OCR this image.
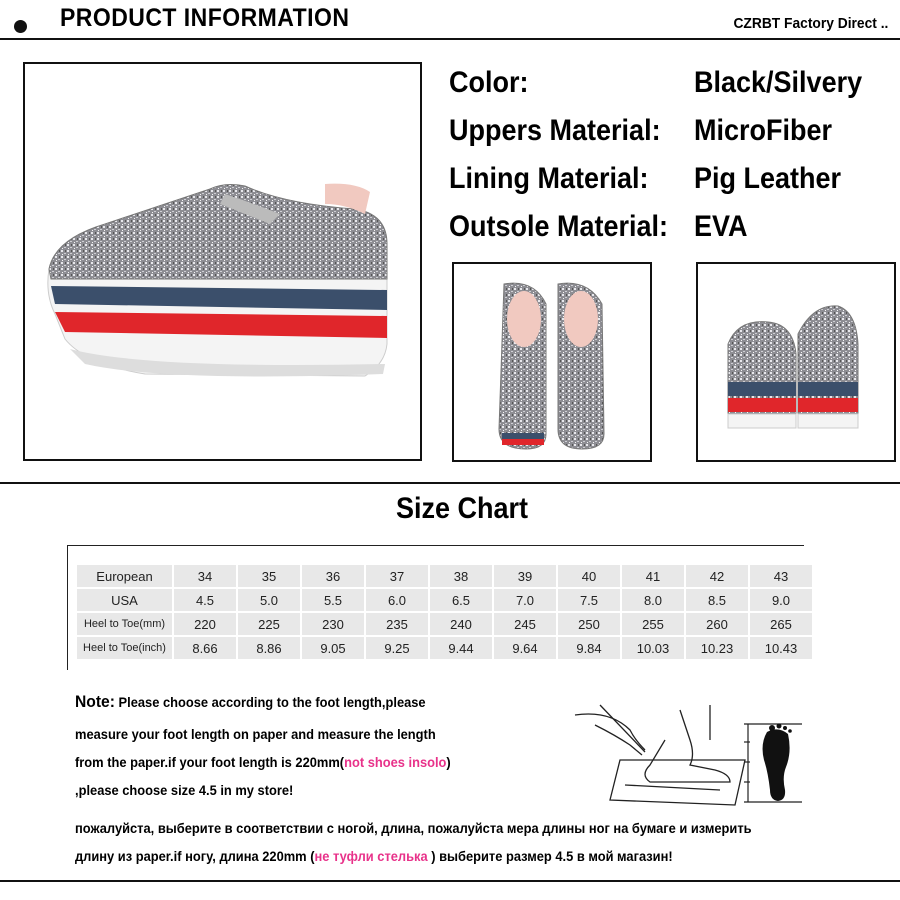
PRODUCT INFORMATION	CZRBT Factory Direct ..
Color:	Black/Silvery
Uppers Material: MicroFiber
Lining Material: Pig Leather
Outsole Material: EVA
Size Chart
European	34	35	36	37	38	39	40	41	42	43
USA	4.5	5.0	5.5	6.0	6.5	7.0	7.5	8.0	8.5	9.0
Heel to Toe(mm)	220	225	230	235	240	245	250	255	260	265
Heel to Toe(inch)	8.66	8.86	9.05	9.25	9.44	9.64	9.84	10.03	10.23	10.43
Note: Please choose according to the foot length,please
measure your foot length on paper and measure the length
from the paper.if your foot length is 220mm(not shoes insolo)
,please choose size 4.5 in my store!
пожалуйста, выберите в соответствии с ногой, длина, пожалуйста мера длины ног на бумаге и измерить
длину из paper.if ногу, длина 220mm (не туфли стелька ) выберите размер 4.5 в мой магазин!
